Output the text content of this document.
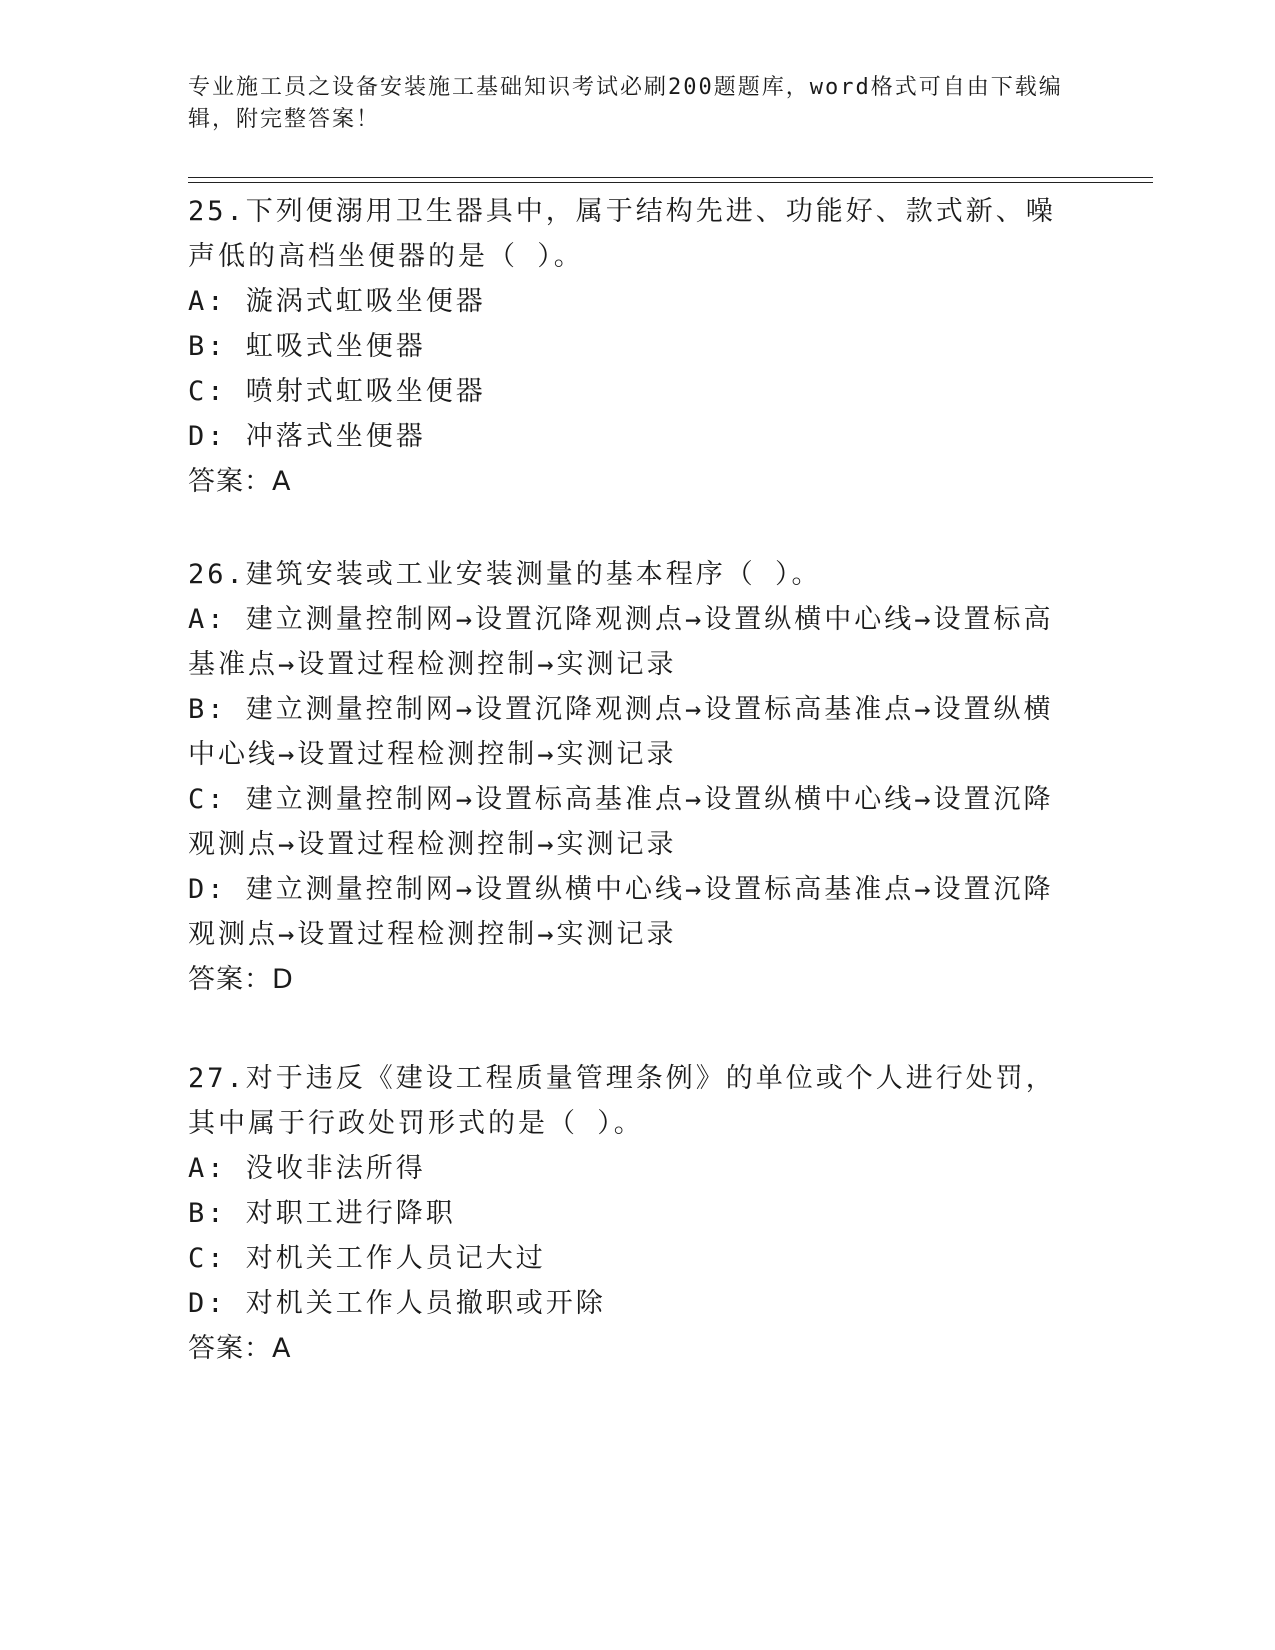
专业施工员之设备安装施工基础知识考试必刷200题题库，word格式可自由下载编辑，附完整答案！
25.下列便溺用卫生器具中，属于结构先进、功能好、款式新、噪声低的高档坐便器的是（ ）。
A: 漩涡式虹吸坐便器
B: 虹吸式坐便器
C: 喷射式虹吸坐便器
D: 冲落式坐便器
答案：A
26.建筑安装或工业安装测量的基本程序（ ）。
A: 建立测量控制网→设置沉降观测点→设置纵横中心线→设置标高基准点→设置过程检测控制→实测记录
B: 建立测量控制网→设置沉降观测点→设置标高基准点→设置纵横中心线→设置过程检测控制→实测记录
C: 建立测量控制网→设置标高基准点→设置纵横中心线→设置沉降观测点→设置过程检测控制→实测记录
D: 建立测量控制网→设置纵横中心线→设置标高基准点→设置沉降观测点→设置过程检测控制→实测记录
答案：D
27.对于违反《建设工程质量管理条例》的单位或个人进行处罚，其中属于行政处罚形式的是（ ）。
A: 没收非法所得
B: 对职工进行降职
C: 对机关工作人员记大过
D: 对机关工作人员撤职或开除
答案：A
